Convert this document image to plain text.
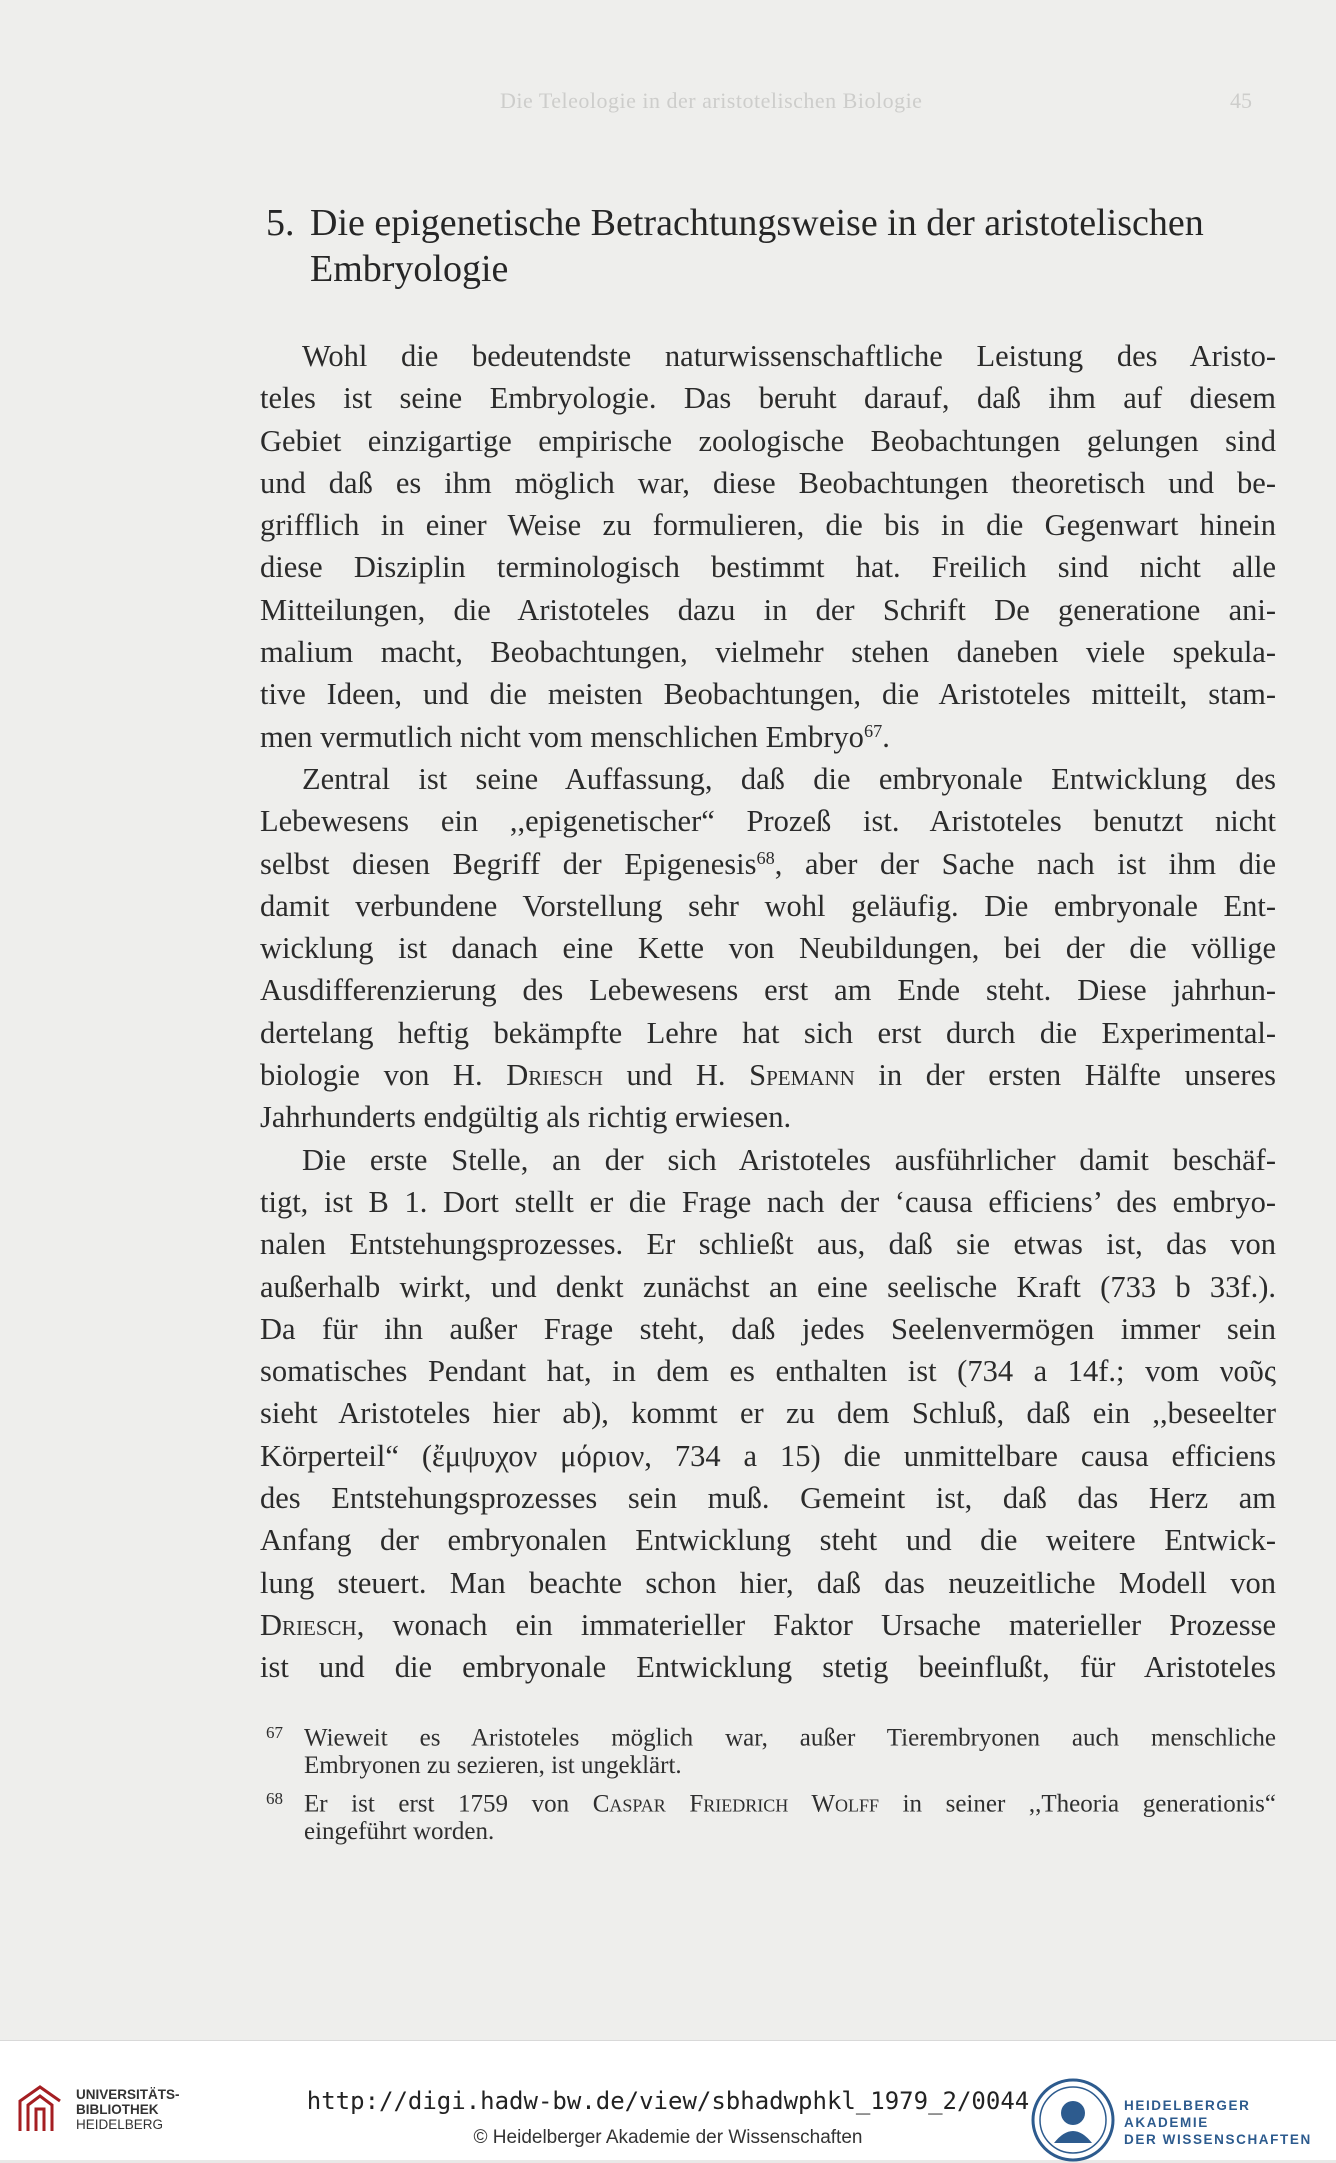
Die Teleologie in der aristotelischen Biologie	45
5. Die epigenetische Betrachtungsweise in der aristotelischen
Embryologie
Wohl die bedeutendste naturwissenschaftliche Leistung des Aristo-
teles ist seine Embryologie. Das beruht darauf, daß ihm auf diesem
Gebiet einzigartige empirische zoologische Beobachtungen gelungen sind
und daß es ihm möglich war, diese Beobachtungen theoretisch und be-
grifflich in einer Weise zu formulieren, die bis in die Gegenwart hinein
diese Disziplin terminologisch bestimmt hat. Freilich sind nicht alle
Mitteilungen, die Aristoteles dazu in der Schrift De generatione ani-
malium macht, Beobachtungen, vielmehr stehen daneben viele spekula-
tive Ideen, und die meisten Beobachtungen, die Aristoteles mitteilt, stam-
men vermutlich nicht vom menschlichen Embryo$^{67}$.
Zentral ist seine Auffassung, daß die embryonale Entwicklung des
Lebewesens ein ,,epigenetischer“ Prozeß ist. Aristoteles benutzt nicht
selbst diesen Begriff der Epigenesis$^{68}$, aber der Sache nach ist ihm die
damit verbundene Vorstellung sehr wohl geläufig. Die embryonale Ent-
wicklung ist danach eine Kette von Neubildungen, bei der die völlige
Ausdifferenzierung des Lebewesens erst am Ende steht. Diese jahrhun-
dertelang heftig bekämpfte Lehre hat sich erst durch die Experimental-
biologie von H. Driesch und H. Spemann in der ersten Hälfte unseres
Jahrhunderts endgültig als richtig erwiesen.
Die erste Stelle, an der sich Aristoteles ausführlicher damit beschäf-
tigt, ist B 1. Dort stellt er die Frage nach der ‘causa efficiens’ des embryo-
nalen Entstehungsprozesses. Er schließt aus, daß sie etwas ist, das von
außerhalb wirkt, und denkt zunächst an eine seelische Kraft (733 b 33f.).
Da für ihn außer Frage steht, daß jedes Seelenvermögen immer sein
somatisches Pendant hat, in dem es enthalten ist (734 a 14f.; vom νοῦς
sieht Aristoteles hier ab), kommt er zu dem Schluß, daß ein ,,beseelter
Körperteil“ (ἔμψυχον μόριον, 734 a 15) die unmittelbare causa efficiens
des Entstehungsprozesses sein muß. Gemeint ist, daß das Herz am
Anfang der embryonalen Entwicklung steht und die weitere Entwick-
lung steuert. Man beachte schon hier, daß das neuzeitliche Modell von
Driesch, wonach ein immaterieller Faktor Ursache materieller Prozesse
ist und die embryonale Entwicklung stetig beeinflußt, für Aristoteles
67 Wieweit es Aristoteles möglich war, außer Tierembryonen auch menschliche
Embryonen zu sezieren, ist ungeklärt.
68 Er ist erst 1759 von Caspar Friedrich Wolff in seiner ,,Theoria generationis“
eingeführt worden.
UNIVERSITÄTS-
BIBLIOTHEK
HEIDELBERG
http://digi.hadw-bw.de/view/sbhadwphkl_1979_2/0044
© Heidelberger Akademie der Wissenschaften
HEIDELBERGER AKADEMIE
DER WISSENSCHAFTEN
